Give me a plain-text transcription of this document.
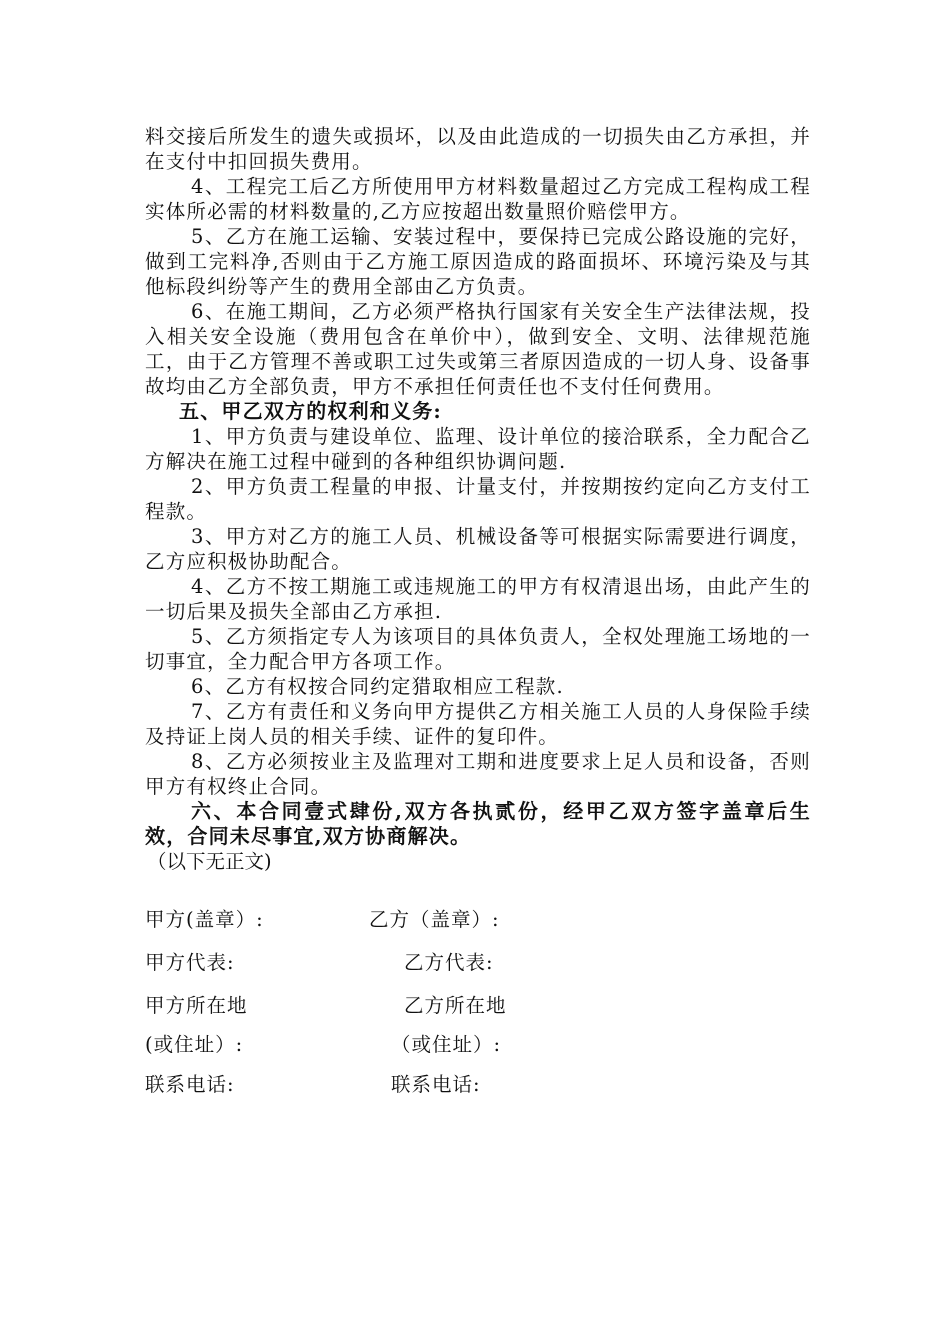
料交接后所发生的遗失或损坏，以及由此造成的一切损失由乙方承担，并在支付中扣回损失费用。

4、工程完工后乙方所使用甲方材料数量超过乙方完成工程构成工程实体所必需的材料数量的,乙方应按超出数量照价赔偿甲方。

5、乙方在施工运输、安装过程中，要保持已完成公路设施的完好，做到工完料净,否则由于乙方施工原因造成的路面损坏、环境污染及与其他标段纠纷等产生的费用全部由乙方负责。

6、在施工期间，乙方必须严格执行国家有关安全生产法律法规，投入相关安全设施（费用包含在单价中），做到安全、文明、法律规范施工，由于乙方管理不善或职工过失或第三者原因造成的一切人身、设备事故均由乙方全部负责，甲方不承担任何责任也不支付任何费用。

五、甲乙双方的权利和义务:

1、甲方负责与建设单位、监理、设计单位的接洽联系，全力配合乙方解决在施工过程中碰到的各种组织协调问题.

2、甲方负责工程量的申报、计量支付，并按期按约定向乙方支付工程款。

3、甲方对乙方的施工人员、机械设备等可根据实际需要进行调度，乙方应积极协助配合。

4、乙方不按工期施工或违规施工的甲方有权清退出场，由此产生的一切后果及损失全部由乙方承担.

5、乙方须指定专人为该项目的具体负责人，全权处理施工场地的一切事宜，全力配合甲方各项工作。

6、乙方有权按合同约定猎取相应工程款.

7、乙方有责任和义务向甲方提供乙方相关施工人员的人身保险手续及持证上岗人员的相关手续、证件的复印件。

8、乙方必须按业主及监理对工期和进度要求上足人员和设备，否则甲方有权终止合同。

六、本合同壹式肆份,双方各执贰份，经甲乙双方签字盖章后生效，合同未尽事宜,双方协商解决。

（以下无正文)

甲方(盖章）:	乙方（盖章）:
甲方代表:	乙方代表:
甲方所在地	乙方所在地
(或住址）:	（或住址）:
联系电话:	联系电话:
